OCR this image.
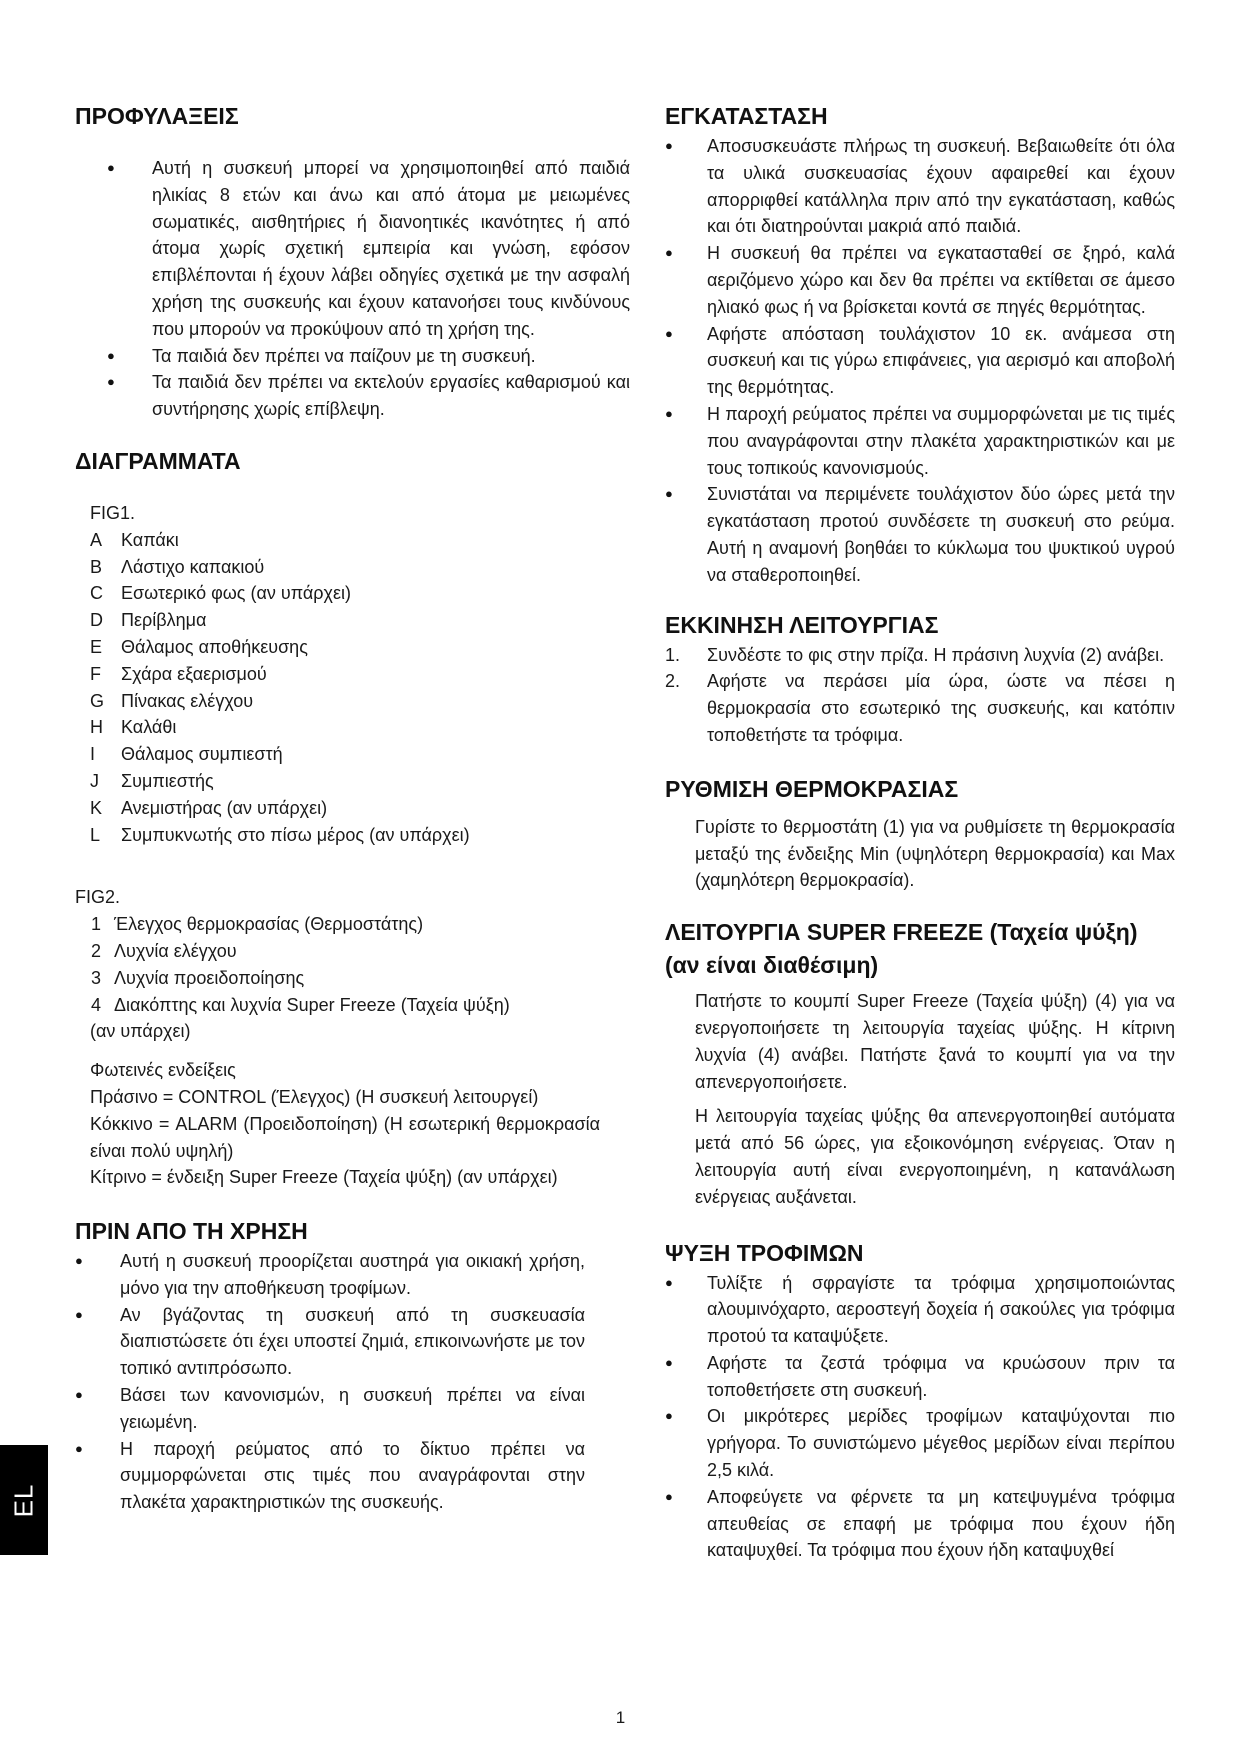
ΠΡΟΦΥΛΑΞΕΙΣ
● Αυτή η συσκευή μπορεί να χρησιμοποιηθεί από παιδιά ηλικίας 8 ετών και άνω και από άτομα με μειωμένες σωματικές, αισθητήριες ή διανοητικές ικανότητες ή από άτομα χωρίς σχετική εμπειρία και γνώση, εφόσον επιβλέπονται ή έχουν λάβει οδηγίες σχετικά με την ασφαλή χρήση της συσκευής και έχουν κατανοήσει τους κινδύνους που μπορούν να προκύψουν από τη χρήση της.
● Τα παιδιά δεν πρέπει να παίζουν με τη συσκευή.
● Τα παιδιά δεν πρέπει να εκτελούν εργασίες καθαρισμού και συντήρησης χωρίς επίβλεψη.
ΔΙΑΓΡΑΜΜΑΤΑ
FIG1.
A	Καπάκι
B	Λάστιχο καπακιού
C	Εσωτερικό φως (αν υπάρχει)
D	Περίβλημα
E	Θάλαμος αποθήκευσης
F	Σχάρα εξαερισμού
G Πίνακας ελέγχου
H	Καλάθι
I	Θάλαμος συμπιεστή
J	Συμπιεστής
K	Ανεμιστήρας (αν υπάρχει)
L	Συμπυκνωτής στο πίσω μέρος (αν υπάρχει)
FIG2.
1 Έλεγχος θερμοκρασίας (Θερμοστάτης)
2 Λυχνία ελέγχου
3 Λυχνία προειδοποίησης
4 Διακόπτης και λυχνία Super Freeze (Ταχεία ψύξη)
(αν υπάρχει)
Φωτεινές ενδείξεις
Πράσινο = CONTROL (Έλεγχος) (Η συσκευή λειτουργεί)
Κόκκινο = ALARM (Προειδοποίηση) (Η εσωτερική θερμοκρασία είναι πολύ υψηλή)
Κίτρινο = ένδειξη Super Freeze (Ταχεία ψύξη) (αν υπάρχει)
ΠΡΙΝ ΑΠΟ ΤΗ ΧΡΗΣΗ
● Αυτή η συσκευή προορίζεται αυστηρά για οικιακή χρήση, μόνο για την αποθήκευση τροφίμων.
● Αν βγάζοντας τη συσκευή από τη συσκευασία διαπιστώσετε ότι έχει υποστεί ζημιά, επικοινωνήστε με τον τοπικό αντιπρόσωπο.
● Βάσει των κανονισμών, η συσκευή πρέπει να είναι γειωμένη.
● Η παροχή ρεύματος από το δίκτυο πρέπει να συμμορφώνεται στις τιμές που αναγράφονται στην πλακέτα χαρακτηριστικών της συσκευής.
ΕΓΚΑΤΑΣΤΑΣΗ
● Αποσυσκευάστε πλήρως τη συσκευή. Βεβαιωθείτε ότι όλα τα υλικά συσκευασίας έχουν αφαιρεθεί και έχουν απορριφθεί κατάλληλα πριν από την εγκατάσταση, καθώς και ότι διατηρούνται μακριά από παιδιά.
● Η συσκευή θα πρέπει να εγκατασταθεί σε ξηρό, καλά αεριζόμενο χώρο και δεν θα πρέπει να εκτίθεται σε άμεσο ηλιακό φως ή να βρίσκεται κοντά σε πηγές θερμότητας.
● Αφήστε απόσταση τουλάχιστον 10 εκ. ανάμεσα στη συσκευή και τις γύρω επιφάνειες, για αερισμό και αποβολή της θερμότητας.
● Η παροχή ρεύματος πρέπει να συμμορφώνεται με τις τιμές που αναγράφονται στην πλακέτα χαρακτηριστικών και με τους τοπικούς κανονισμούς.
● Συνιστάται να περιμένετε τουλάχιστον δύο ώρες μετά την εγκατάσταση προτού συνδέσετε τη συσκευή στο ρεύμα. Αυτή η αναμονή βοηθάει το κύκλωμα του ψυκτικού υγρού να σταθεροποιηθεί.
ΕΚΚΙΝΗΣΗ ΛΕΙΤΟΥΡΓΙΑΣ
1. Συνδέστε το φις στην πρίζα. Η πράσινη λυχνία (2) ανάβει.
2. Αφήστε να περάσει μία ώρα, ώστε να πέσει η θερμοκρασία στο εσωτερικό της συσκευής, και κατόπιν τοποθετήστε τα τρόφιμα.
ΡΥΘΜΙΣΗ ΘΕΡΜΟΚΡΑΣΙΑΣ

Γυρίστε το θερμοστάτη (1) για να ρυθμίσετε τη θερμοκρασία μεταξύ της ένδειξης Min (υψηλότερη θερμοκρασία) και Max (χαμηλότερη θερμοκρασία).

ΛΕΙΤΟΥΡΓΙΑ SUPER FREEZE (Ταχεία ψύξη)
(αν είναι διαθέσιμη)

Πατήστε το κουμπί Super Freeze (Ταχεία ψύξη) (4) για να ενεργοποιήσετε τη λειτουργία ταχείας ψύξης. Η κίτρινη λυχνία (4) ανάβει. Πατήστε ξανά το κουμπί για να την απενεργοποιήσετε.

Η λειτουργία ταχείας ψύξης θα απενεργοποιηθεί αυτόματα μετά από 56 ώρες, για εξοικονόμηση ενέργειας. Όταν η λειτουργία αυτή είναι ενεργοποιημένη, η κατανάλωση ενέργειας αυξάνεται.

ΨΥΞΗ ΤΡΟΦΙΜΩΝ
● Τυλίξτε ή σφραγίστε τα τρόφιμα χρησιμοποιώντας αλουμινόχαρτο, αεροστεγή δοχεία ή σακούλες για τρόφιμα προτού τα καταψύξετε.
● Αφήστε τα ζεστά τρόφιμα να κρυώσουν πριν τα τοποθετήσετε στη συσκευή.
● Οι μικρότερες μερίδες τροφίμων καταψύχονται πιο γρήγορα. Το συνιστώμενο μέγεθος μερίδων είναι περίπου 2,5 κιλά.
● Αποφεύγετε να φέρνετε τα μη κατεψυγμένα τρόφιμα απευθείας σε επαφή με τρόφιμα που έχουν ήδη καταψυχθεί. Τα τρόφιμα που έχουν ήδη καταψυχθεί
EL
1
